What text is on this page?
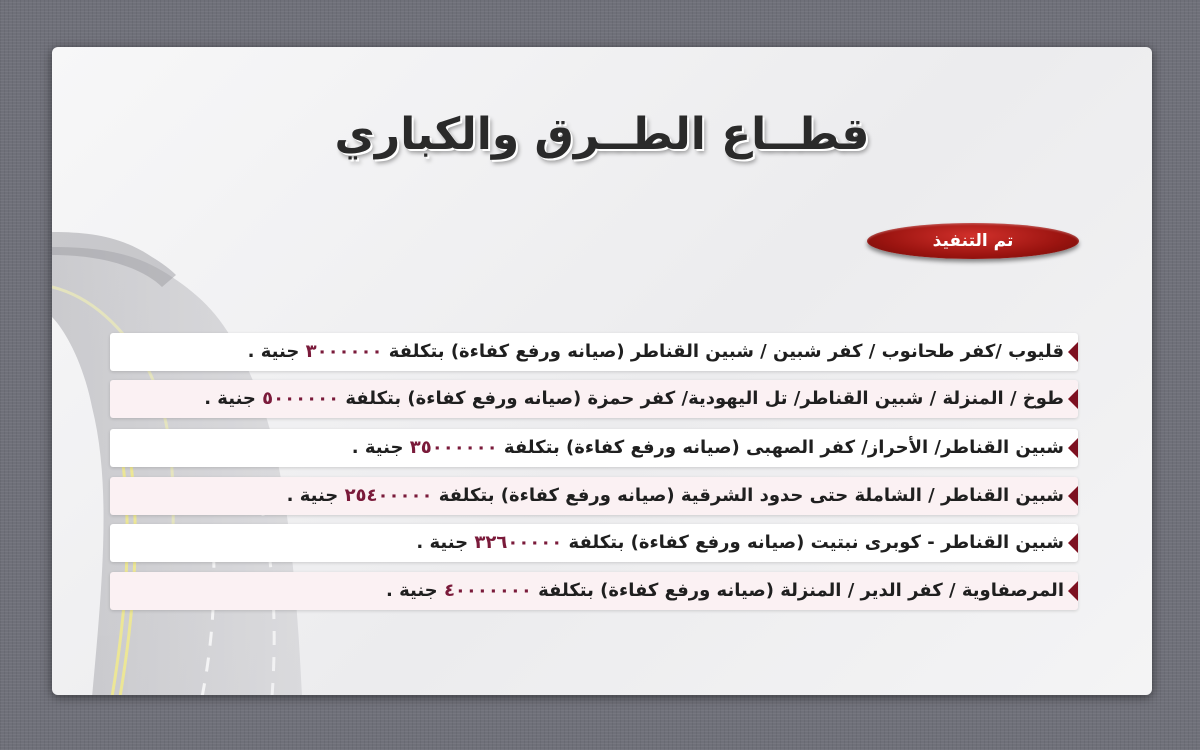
قطــاع الطــرق والكباري
تم التنفيذ
قليوب /كفر طحانوب / كفر شبين / شبين القناطر (صيانه ورفع كفاءة) بتكلفة ٣٠٠٠٠٠٠ جنية .
طوخ / المنزلة / شبين القناطر/ تل اليهودية/ كفر حمزة (صيانه ورفع كفاءة) بتكلفة ٥٠٠٠٠٠٠ جنية .
شبين القناطر/ الأحراز/ كفر الصهبى (صيانه ورفع كفاءة) بتكلفة ٣٥٠٠٠٠٠٠ جنية .
شبين القناطر / الشاملة حتى حدود الشرقية (صيانه ورفع كفاءة) بتكلفة ٢٥٤٠٠٠٠٠ جنية .
شبين القناطر - كوبرى نبتيت (صيانه ورفع كفاءة) بتكلفة ٣٢٦٠٠٠٠٠ جنية .
المرصفاوية / كفر الدير / المنزلة (صيانه ورفع كفاءة) بتكلفة ٤٠٠٠٠٠٠٠ جنية .
